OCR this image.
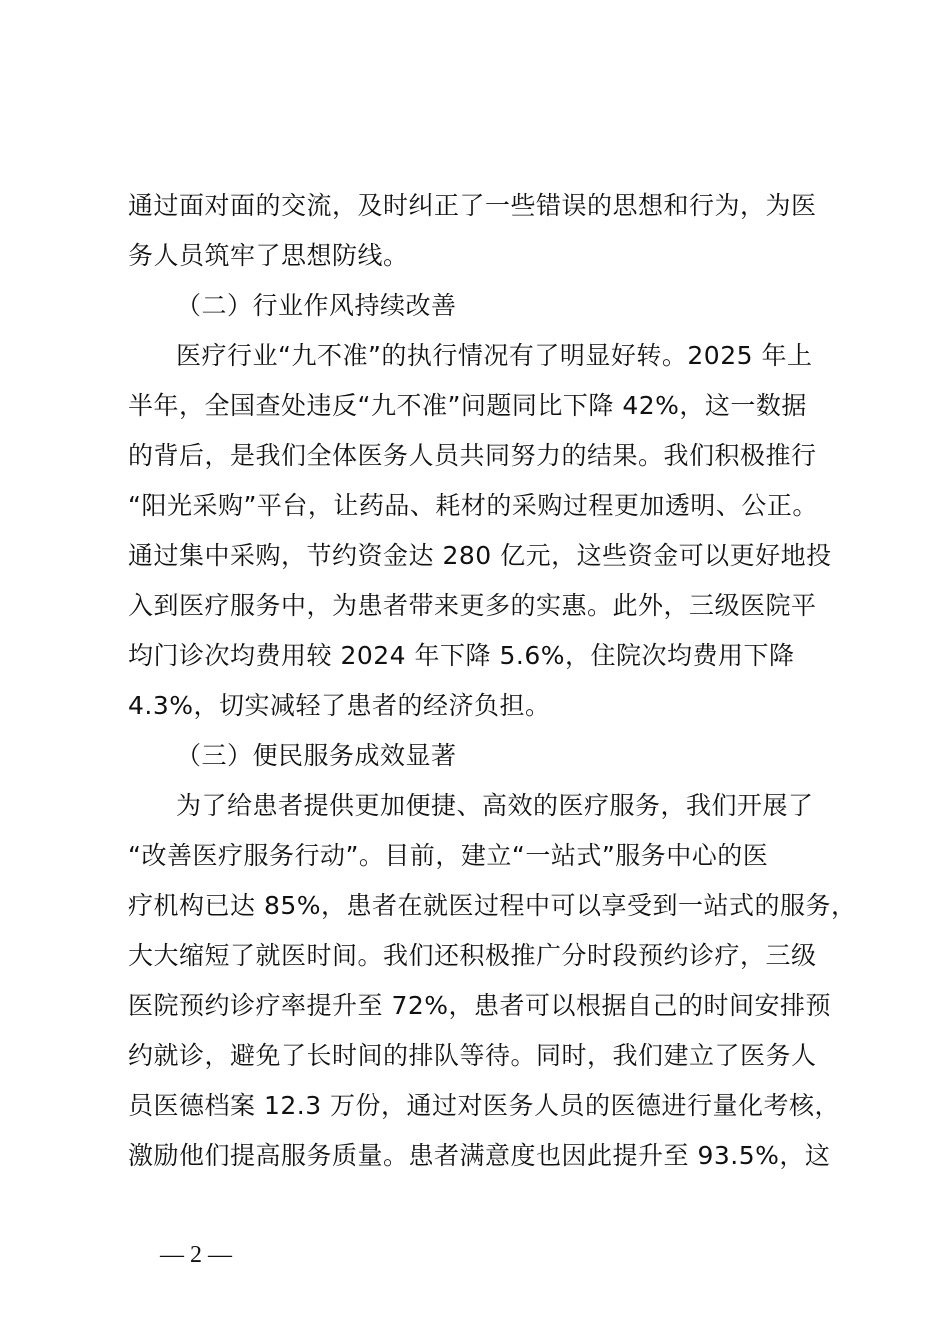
通过面对面的交流，及时纠正了一些错误的思想和行为，为医
务人员筑牢了思想防线。
（二）行业作风持续改善
医疗行业“九不准”的执行情况有了明显好转。2025 年上
半年，全国查处违反“九不准”问题同比下降 42%，这一数据
的背后，是我们全体医务人员共同努力的结果。我们积极推行
“阳光采购”平台，让药品、耗材的采购过程更加透明、公正。
通过集中采购，节约资金达 280 亿元，这些资金可以更好地投
入到医疗服务中，为患者带来更多的实惠。此外，三级医院平
均门诊次均费用较 2024 年下降 5.6%，住院次均费用下降
4.3%，切实减轻了患者的经济负担。
（三）便民服务成效显著
为了给患者提供更加便捷、高效的医疗服务，我们开展了
“改善医疗服务行动”。目前，建立“一站式”服务中心的医
疗机构已达 85%，患者在就医过程中可以享受到一站式的服务，
大大缩短了就医时间。我们还积极推广分时段预约诊疗，三级
医院预约诊疗率提升至 72%，患者可以根据自己的时间安排预
约就诊，避免了长时间的排队等待。同时，我们建立了医务人
员医德档案 12.3 万份，通过对医务人员的医德进行量化考核，
激励他们提高服务质量。患者满意度也因此提升至 93.5%，这
— 2 —
